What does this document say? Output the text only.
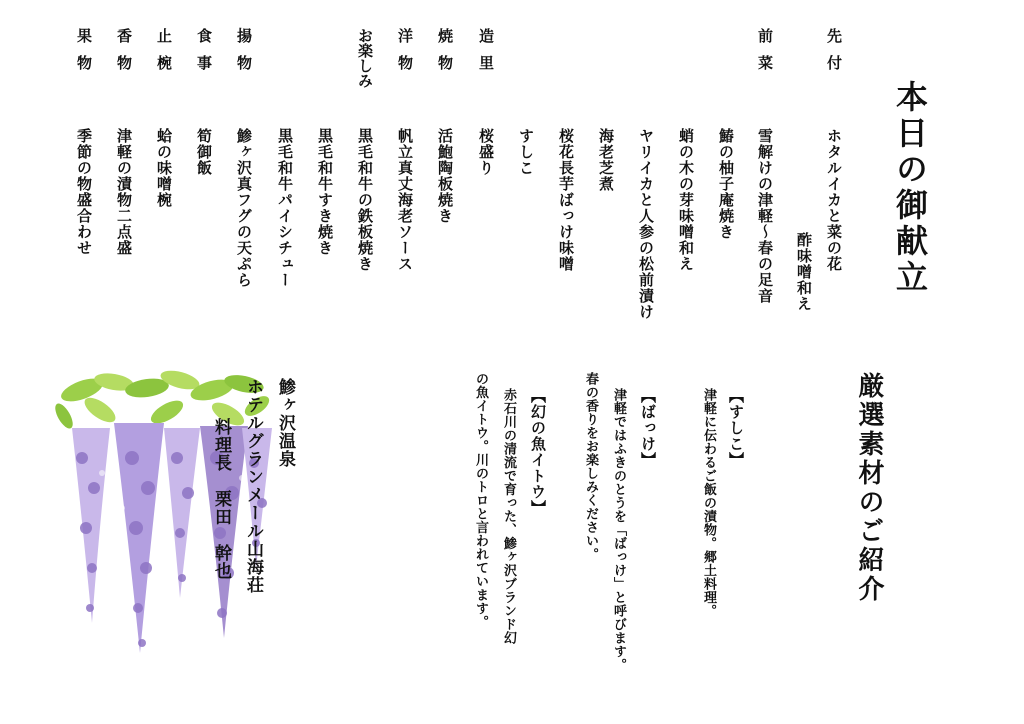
本日の御献立
先付
ホタルイカと菜の花
酢味噌和え
前菜
雪解けの津軽～春の足音
鰆の柚子庵焼き
蛸の木の芽味噌和え
ヤリイカと人参の松前漬け
海老芝煮
桜花長芋ばっけ味噌
すしこ
造里
桜盛り
焼物
活鮑陶板焼き
洋物
帆立真丈海老ソース
お楽しみ
黒毛和牛の鉄板焼き
黒毛和牛すき焼き
黒毛和牛パイシチュー
揚物
鯵ヶ沢真フグの天ぷら
食事
筍御飯
止椀
蛤の味噌椀
香物
津軽の漬物二点盛
果物
季節の物盛合わせ
厳選素材のご紹介
【すしこ】
津軽に伝わるご飯の漬物。郷土料理。
【ばっけ】
津軽ではふきのとうを「ばっけ」と呼びます。
春の香りをお楽しみください。
【幻の魚イトウ】
赤石川の清流で育った、鯵ヶ沢ブランド幻
の魚イトウ。川のトロと言われています。
鯵ヶ沢温泉
ホテルグランメール山海荘
料理長　栗田　幹也
